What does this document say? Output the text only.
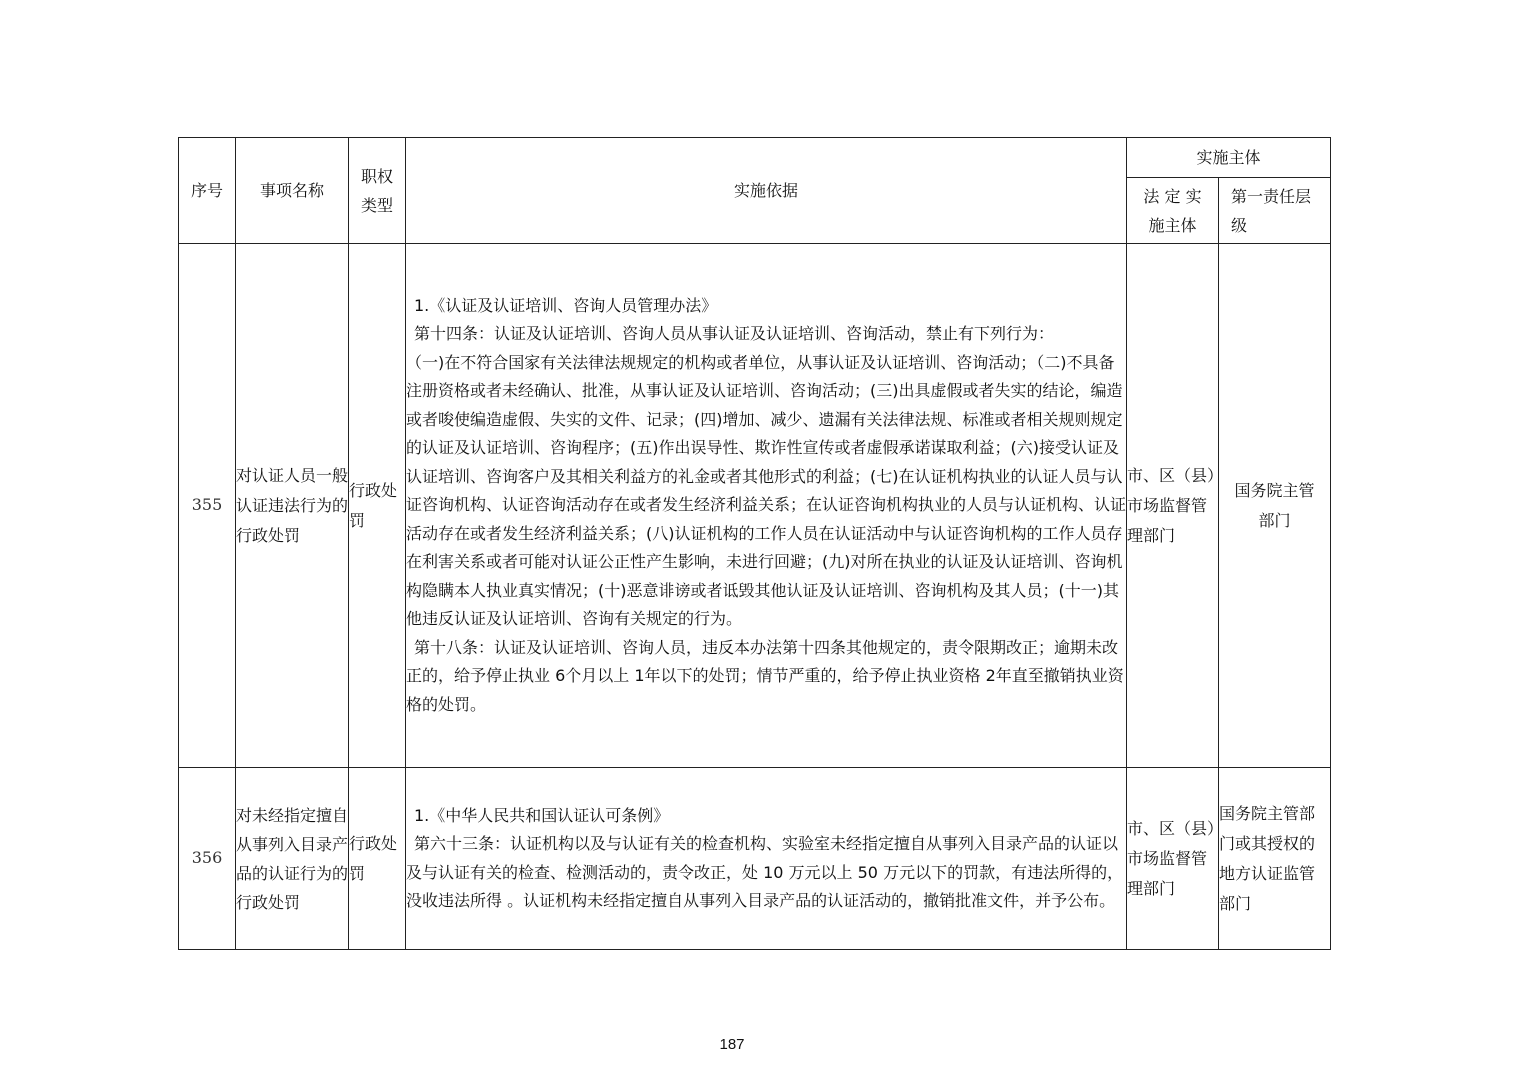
序号	事项名称	职权类型	实施依据	实施主体	
				法 定 实施主体	第一责任层级
355	对认证人员一般认证违法行为的行政处罚	行政处罚	1.《认证及认证培训、咨询人员管理办法》

第十四条：认证及认证培训、咨询人员从事认证及认证培训、咨询活动，禁止有下列行为：

（一)在不符合国家有关法律法规规定的机构或者单位，从事认证及认证培训、咨询活动；（二)不具备注册资格或者未经确认、批准，从事认证及认证培训、咨询活动；(三)出具虚假或者失实的结论，编造或者唆使编造虚假、失实的文件、记录；(四)增加、减少、遗漏有关法律法规、标准或者相关规则规定的认证及认证培训、咨询程序；(五)作出误导性、欺诈性宣传或者虚假承诺谋取利益；(六)接受认证及认证培训、咨询客户及其相关利益方的礼金或者其他形式的利益；(七)在认证机构执业的认证人员与认证咨询机构、认证咨询活动存在或者发生经济利益关系；在认证咨询机构执业的人员与认证机构、认证活动存在或者发生经济利益关系；(八)认证机构的工作人员在认证活动中与认证咨询机构的工作人员存在利害关系或者可能对认证公正性产生影响，未进行回避；(九)对所在执业的认证及认证培训、咨询机构隐瞒本人执业真实情况；(十)恶意诽谤或者诋毁其他认证及认证培训、咨询机构及其人员；(十一)其他违反认证及认证培训、咨询有关规定的行为。

第十八条：认证及认证培训、咨询人员，违反本办法第十四条其他规定的，责令限期改正；逾期未改正的，给予停止执业 6个月以上 1年以下的处罚；情节严重的，给予停止执业资格 2年直至撤销执业资格的处罚。	市、区（县）市场监督管理部门	国务院主管部门
356	对未经指定擅自从事列入目录产品的认证行为的行政处罚	行政处罚	1.《中华人民共和国认证认可条例》

第六十三条：认证机构以及与认证有关的检查机构、实验室未经指定擅自从事列入目录产品的认证以及与认证有关的检查、检测活动的，责令改正，处 10 万元以上 50 万元以下的罚款，有违法所得的，没收违法所得 。认证机构未经指定擅自从事列入目录产品的认证活动的，撤销批准文件，并予公布。	市、区（县）市场监督管理部门	国务院主管部门或其授权的地方认证监管部门
187
